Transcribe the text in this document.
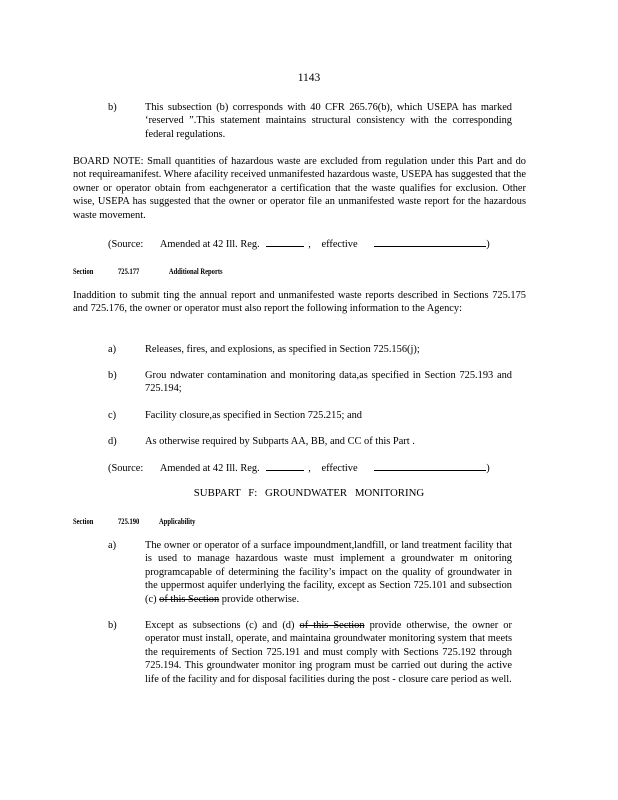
1143
b)	This subsection (b) corresponds with 40 CFR 265.76(b), which USEPA has marked ‘reserved ”.This statement maintains structural consistency with the corresponding federal regulations.
BOARD NOTE: Small quantities of hazardous waste are excluded from regulation under this Part and do not requireamanifest. Where afacility received unmanifested hazardous waste, USEPA has suggested that the owner or operator obtain from eachgenerator a certification that the waste qualifies for exclusion. Other wise, USEPA has suggested that the owner or operator file an unmanifested waste report for the hazardous waste movement.
(Source: Amended at 42 Ill. Reg.	, effective	)
Section	725.177	Additional Reports
Inaddition to submit ting the annual report and unmanifested waste reports described in Sections 725.175 and 725.176, the owner or operator must also report the following information to the Agency:
a)	Releases, fires, and explosions, as specified in Section 725.156(j);
b)	Grou ndwater contamination and monitoring data,as specified in Section 725.193 and 725.194;
c)	Facility closure,as specified in Section 725.215; and
d)	As otherwise required by Subparts AA, BB, and CC of this Part .
(Source: Amended at 42 Ill. Reg.	, effective	)
SUBPART F: GROUNDWATER MONITORING
Section	725.190 Applicability
a)	The owner or operator of a surface impoundment,landfill, or land treatment facility that is used to manage hazardous waste must implement a groundwater m onitoring programcapable of determining the facility’s impact on the quality of groundwater in the uppermost aquifer underlying the facility, except as Section 725.101 and subsection (c) of this Section provide otherwise.
b)	Except as subsections (c) and (d) of this Section provide otherwise, the owner or operator must install, operate, and maintaina groundwater monitoring system that meets the requirements of Section 725.191 and must comply with Sections 725.192 through 725.194. This groundwater monitor ing program must be carried out during the active life of the facility and for disposal facilities during the post - closure care period as well.
